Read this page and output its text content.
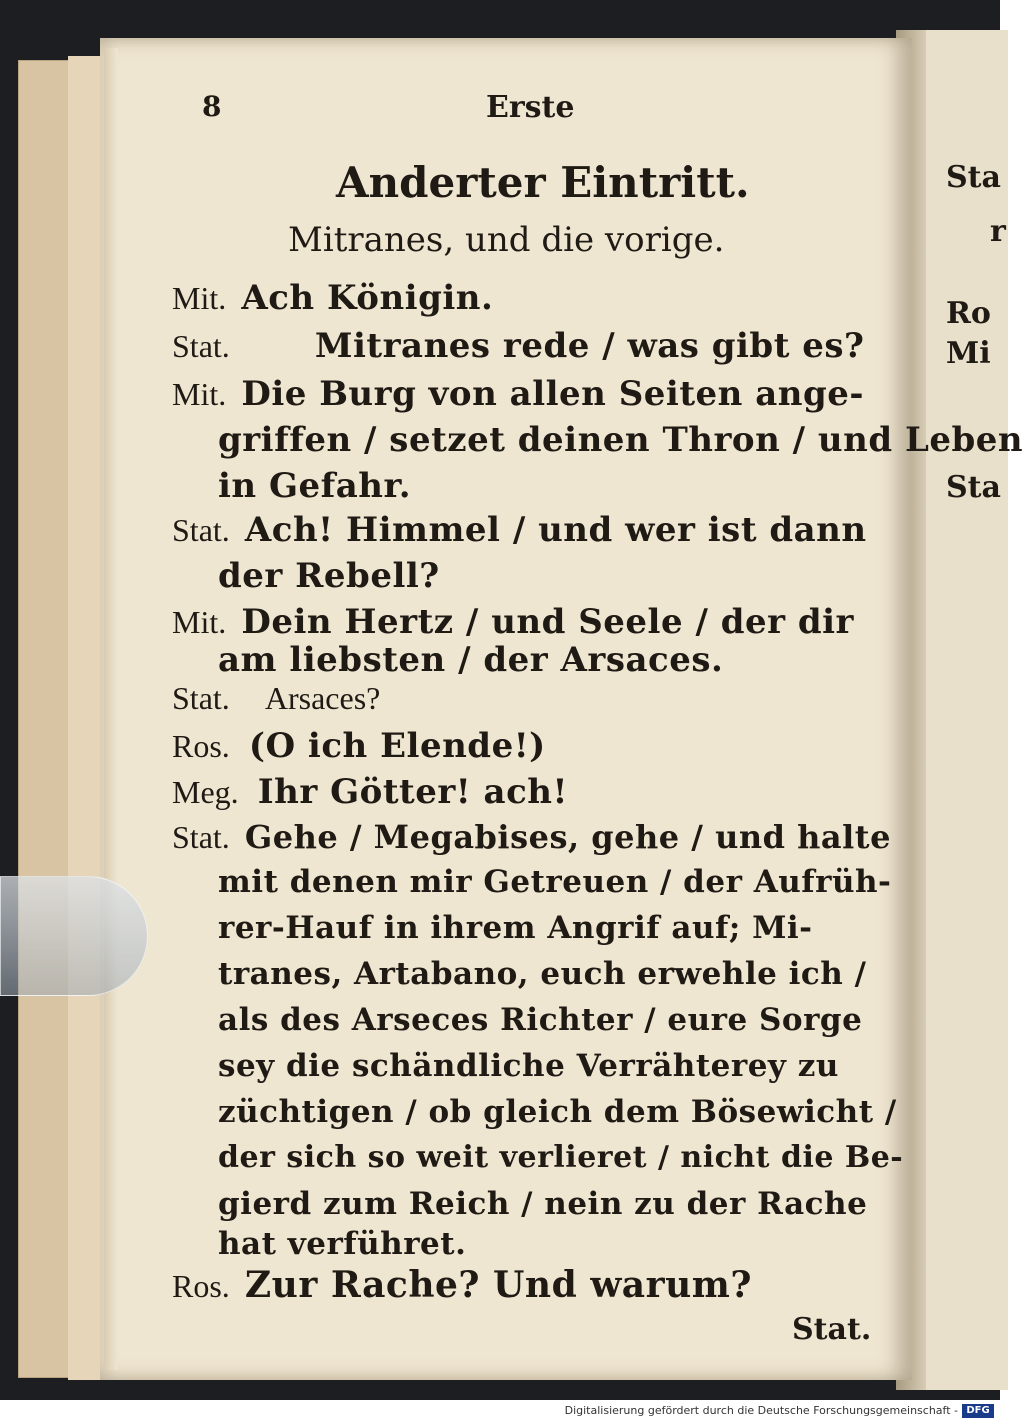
Sta
r
Ro
Mi
Sta
8	Erste
Anderter Eintritt.
Mitranes, und die vorige.
Mit. Ach Königin.
Stat.	Mitranes rede / was gibt es?
Mit. Die Burg von allen Seiten ange-
griffen / setzet deinen Thron / und Leben
in Gefahr.
Stat. Ach! Himmel / und wer ist dann
der Rebell?
Mit. Dein Hertz / und Seele / der dir
am liebsten / der Arsaces.
Stat. Arsaces?
Ros. (O ich Elende!)
Meg. Ihr Götter! ach!
Stat. Gehe / Megabises, gehe / und halte
mit denen mir Getreuen / der Aufrüh-
rer-Hauf in ihrem Angrif auf; Mi-
tranes, Artabano, euch erwehle ich /
als des Arseces Richter / eure Sorge
sey die schändliche Verrähterey zu
züchtigen / ob gleich dem Bösewicht /
der sich so weit verlieret / nicht die Be-
gierd zum Reich / nein zu der Rache
hat verführet.
Ros. Zur Rache? Und warum?
Stat.
Digitalisierung gefördert durch die Deutsche Forschungsgemeinschaft - DFG
